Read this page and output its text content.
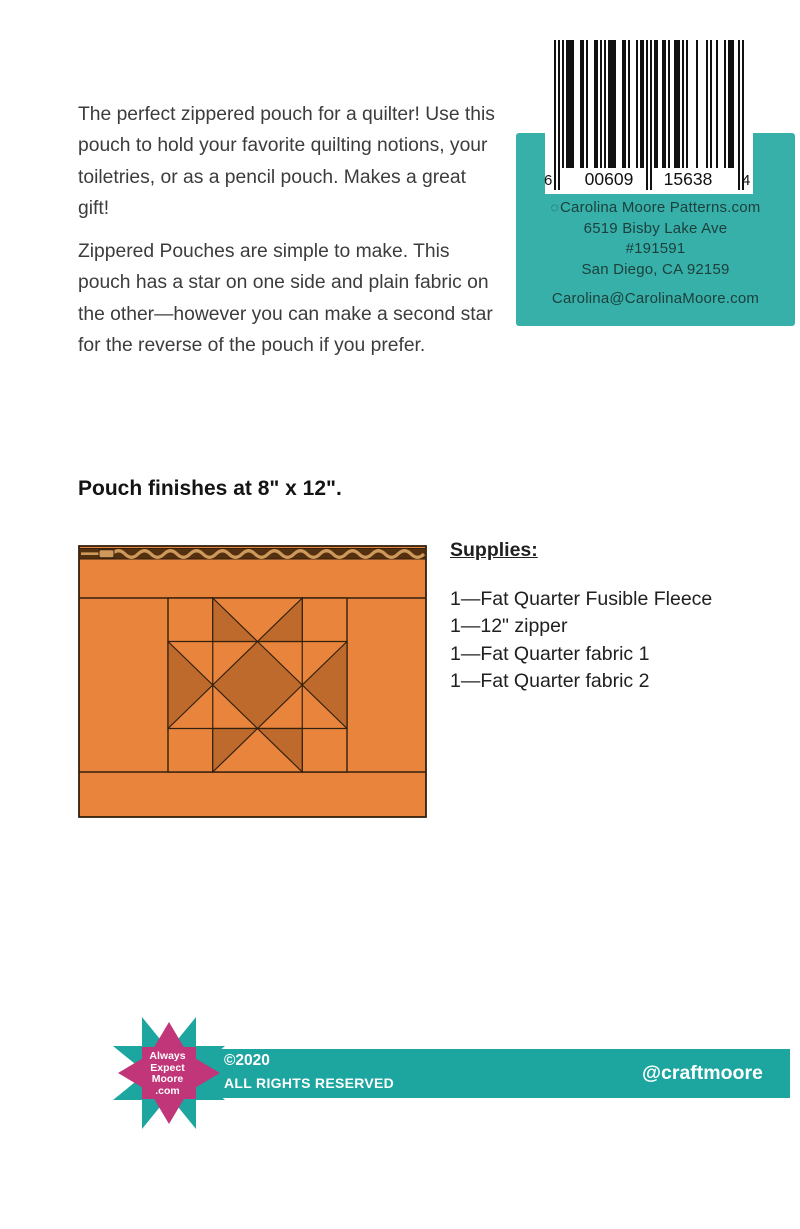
The perfect zippered pouch for a quilter! Use this pouch to hold your favorite quilting notions, your toiletries, or as a pencil pouch. Makes a great gift!

Zippered Pouches are simple to make. This pouch has a star on one side and plain fabric on the other—however you can make a second star for the reverse of the pouch if you prefer.

◌Carolina Moore Patterns.com
6519 Bisby Lake Ave
#191591
San Diego, CA 92159
Carolina@CarolinaMoore.com
6	00609	15638	4
Pouch finishes at 8" x 12".
Supplies:
1—Fat Quarter Fusible Fleece
1—12" zipper
1—Fat Quarter fabric 1
1—Fat Quarter fabric 2
Always
Expect
Moore
.com
©2020
ALL RIGHTS RESERVED	@craftmoore
